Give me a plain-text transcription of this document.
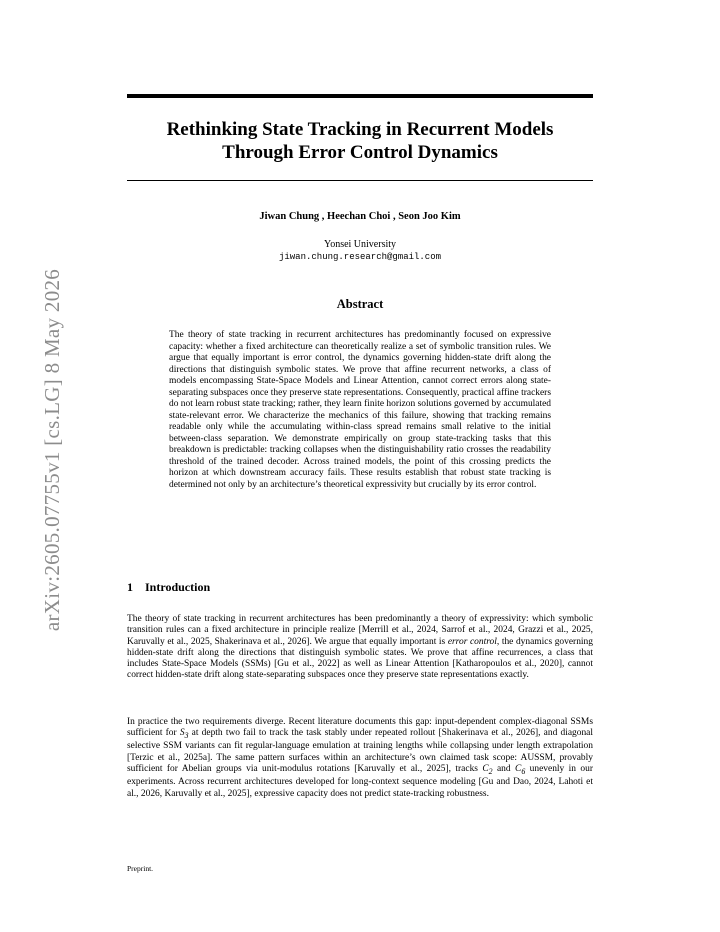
arXiv:2605.07755v1 [cs.LG] 8 May 2026
Rethinking State Tracking in Recurrent Models
Through Error Control Dynamics
Jiwan Chung , Heechan Choi , Seon Joo Kim
Yonsei University
jiwan.chung.research@gmail.com
Abstract
The theory of state tracking in recurrent architectures has predominantly focused on expressive capacity: whether a fixed architecture can theoretically realize a set of symbolic transition rules. We argue that equally important is error control, the dynamics governing hidden-state drift along the directions that distinguish symbolic states. We prove that affine recurrent networks, a class of models encompassing State-Space Models and Linear Attention, cannot correct errors along state-separating subspaces once they preserve state representations. Consequently, practical affine trackers do not learn robust state tracking; rather, they learn finite horizon solutions governed by accumulated state-relevant error. We characterize the mechanics of this failure, showing that tracking remains readable only while the accumulating within-class spread remains small relative to the initial between-class separation. We demonstrate empirically on group state-tracking tasks that this breakdown is predictable: tracking collapses when the distinguishability ratio crosses the readability threshold of the trained decoder. Across trained models, the point of this crossing predicts the horizon at which downstream accuracy fails. These results establish that robust state tracking is determined not only by an architecture’s theoretical expressivity but crucially by its error control.
1 Introduction
The theory of state tracking in recurrent architectures has been predominantly a theory of expressivity: which symbolic transition rules can a fixed architecture in principle realize [Merrill et al., 2024, Sarrof et al., 2024, Grazzi et al., 2025, Karuvally et al., 2025, Shakerinava et al., 2026]. We argue that equally important is error control, the dynamics governing hidden-state drift along the directions that distinguish symbolic states. We prove that affine recurrences, a class that includes State-Space Models (SSMs) [Gu et al., 2022] as well as Linear Attention [Katharopoulos et al., 2020], cannot correct hidden-state drift along state-separating subspaces once they preserve state representations exactly.
In practice the two requirements diverge. Recent literature documents this gap: input-dependent complex-diagonal SSMs sufficient for $S_3$ at depth two fail to track the task stably under repeated rollout [Shakerinava et al., 2026], and diagonal selective SSM variants can fit regular-language emulation at training lengths while collapsing under length extrapolation [Terzic et al., 2025a]. The same pattern surfaces within an architecture’s own claimed task scope: AUSSM, provably sufficient for Abelian groups via unit-modulus rotations [Karuvally et al., 2025], tracks $C_2$ and $C_6$ unevenly in our experiments. Across recurrent architectures developed for long-context sequence modeling [Gu and Dao, 2024, Lahoti et al., 2026, Karuvally et al., 2025], expressive capacity does not predict state-tracking robustness.
Preprint.
